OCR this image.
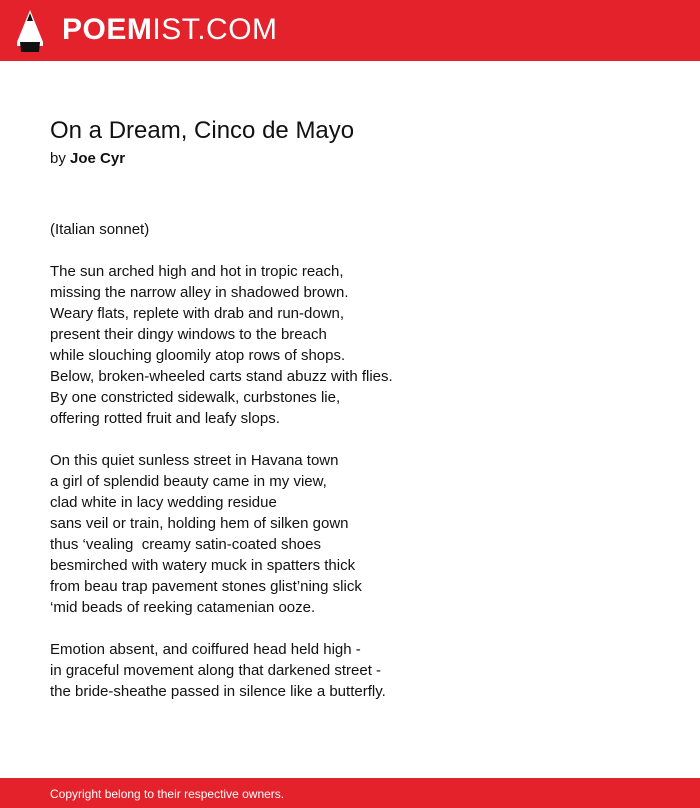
POEMIST.COM
On a Dream, Cinco de Mayo
by Joe Cyr
(Italian sonnet)
The sun arched high and hot in tropic reach,
missing the narrow alley in shadowed brown.
Weary flats, replete with drab and run-down,
present their dingy windows to the breach
while slouching gloomily atop rows of shops.
Below, broken-wheeled carts stand abuzz with flies.
By one constricted sidewalk, curbstones lie,
offering rotted fruit and leafy slops.
On this quiet sunless street in Havana town
a girl of splendid beauty came in my view,
clad white in lacy wedding residue
sans veil or train, holding hem of silken gown
thus ‘vealing  creamy satin-coated shoes
besmirched with watery muck in spatters thick
from beau trap pavement stones glist’ning slick
‘mid beads of reeking catamenian ooze.
Emotion absent, and coiffured head held high -
in graceful movement along that darkened street -
the bride-sheathe passed in silence like a butterfly.
Copyright belong to their respective owners.
